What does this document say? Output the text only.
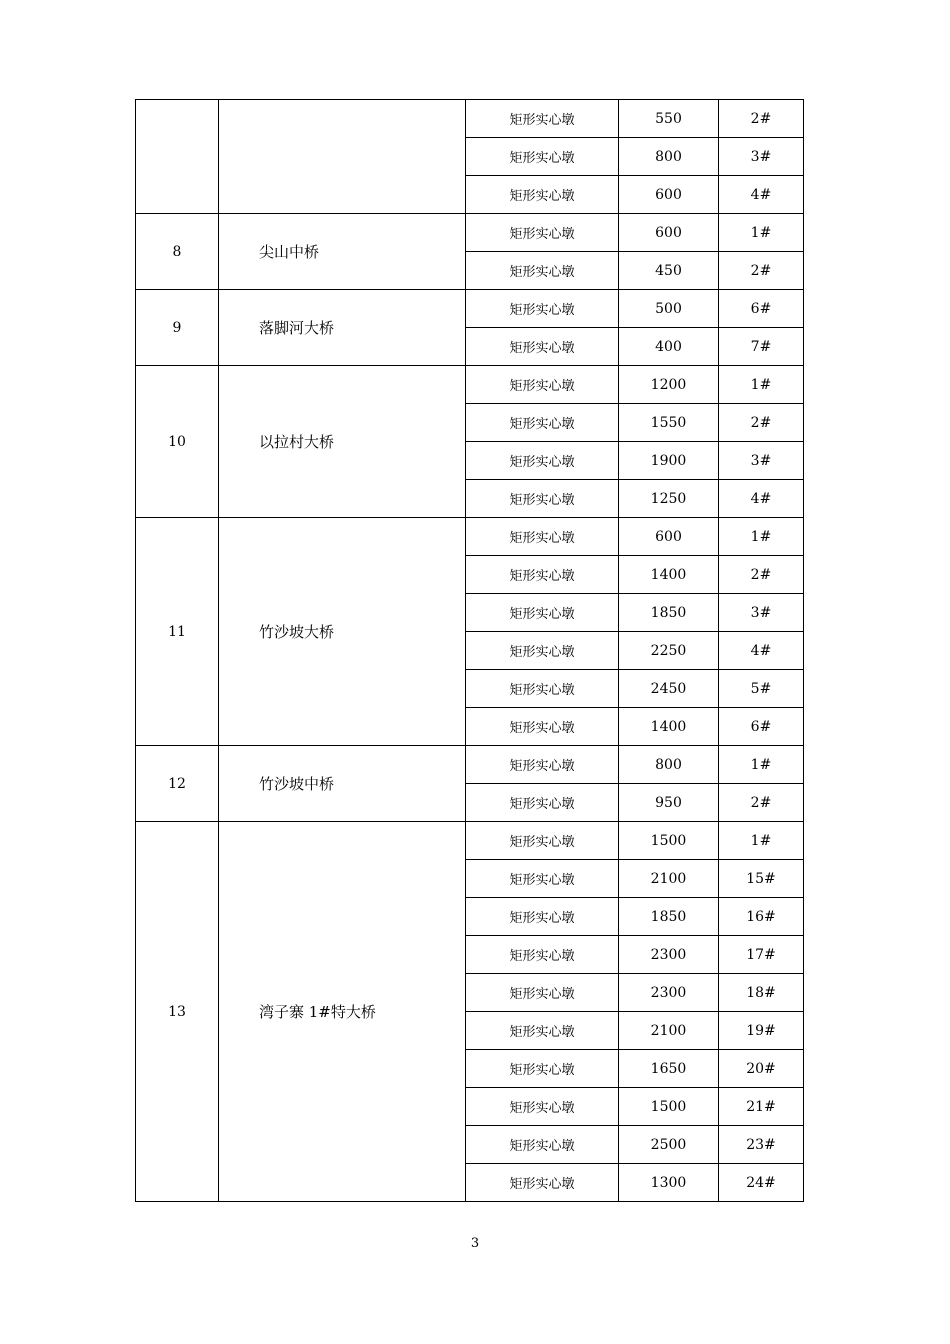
		矩形实心墩	550	2#
		矩形实心墩	800	3#
		矩形实心墩	600	4#
8	尖山中桥	矩形实心墩	600	1#
		矩形实心墩	450	2#
9	落脚河大桥	矩形实心墩	500	6#
		矩形实心墩	400	7#
10	以拉村大桥	矩形实心墩	1200	1#
		矩形实心墩	1550	2#
		矩形实心墩	1900	3#
		矩形实心墩	1250	4#
11	竹沙坡大桥	矩形实心墩	600	1#
		矩形实心墩	1400	2#
		矩形实心墩	1850	3#
		矩形实心墩	2250	4#
		矩形实心墩	2450	5#
		矩形实心墩	1400	6#
12	竹沙坡中桥	矩形实心墩	800	1#
		矩形实心墩	950	2#
13	湾子寨 1#特大桥	矩形实心墩	1500	1#
		矩形实心墩	2100	15#
		矩形实心墩	1850	16#
		矩形实心墩	2300	17#
		矩形实心墩	2300	18#
		矩形实心墩	2100	19#
		矩形实心墩	1650	20#
		矩形实心墩	1500	21#
		矩形实心墩	2500	23#
		矩形实心墩	1300	24#
3
